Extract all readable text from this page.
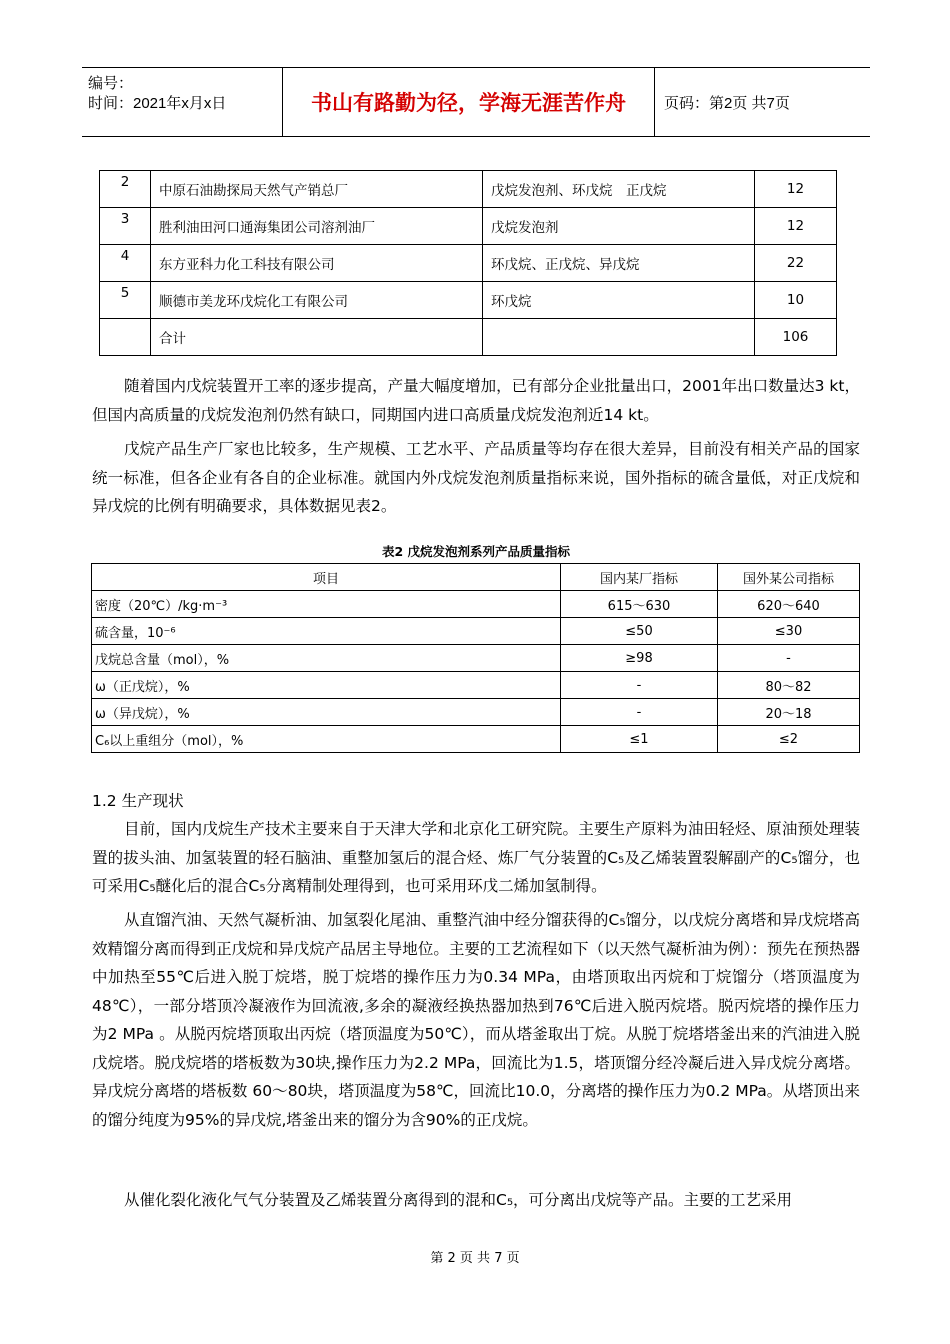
编号：
时间：2021年x月x日	书山有路勤为径，学海无涯苦作舟	页码：第2页 共7页
2	中原石油勘探局天然气产销总厂	戊烷发泡剂、环戊烷　正戊烷	12
3	胜利油田河口通海集团公司溶剂油厂	戊烷发泡剂	12
4	东方亚科力化工科技有限公司	环戊烷、正戊烷、异戊烷	22
5	顺德市美龙环戊烷化工有限公司	环戊烷	10
	合计		106
随着国内戊烷装置开工率的逐步提高，产量大幅度增加，已有部分企业批量出口，2001年出口数量达3 kt，但国内高质量的戊烷发泡剂仍然有缺口，同期国内进口高质量戊烷发泡剂近14 kt。
戊烷产品生产厂家也比较多，生产规模、工艺水平、产品质量等均存在很大差异，目前没有相关产品的国家统一标准，但各企业有各自的企业标准。就国内外戊烷发泡剂质量指标来说，国外指标的硫含量低，对正戊烷和异戊烷的比例有明确要求，具体数据见表2。
表2 戊烷发泡剂系列产品质量指标
项目	国内某厂指标	国外某公司指标
密度（20℃）/kg·m⁻³	615～630	620～640
硫含量，10⁻⁶	≤50	≤30
戊烷总含量（mol），%	≥98	-
ω（正戊烷），%	-	80～82
ω（异戊烷），%	-	20～18
C₆以上重组分（mol），%	≤1	≤2
1.2 生产现状
目前，国内戊烷生产技术主要来自于天津大学和北京化工研究院。主要生产原料为油田轻烃、原油预处理装置的拔头油、加氢装置的轻石脑油、重整加氢后的混合烃、炼厂气分装置的C₅及乙烯装置裂解副产的C₅馏分，也可采用C₅醚化后的混合C₅分离精制处理得到，也可采用环戊二烯加氢制得。
从直馏汽油、天然气凝析油、加氢裂化尾油、重整汽油中经分馏获得的C₅馏分，以戊烷分离塔和异戊烷塔高效精馏分离而得到正戊烷和异戊烷产品居主导地位。主要的工艺流程如下（以天然气凝析油为例）：预先在预热器中加热至55℃后进入脱丁烷塔，脱丁烷塔的操作压力为0.34 MPa，由塔顶取出丙烷和丁烷馏分（塔顶温度为48℃），一部分塔顶冷凝液作为回流液,多余的凝液经换热器加热到76℃后进入脱丙烷塔。脱丙烷塔的操作压力为2 MPa 。从脱丙烷塔顶取出丙烷（塔顶温度为50℃），而从塔釜取出丁烷。从脱丁烷塔塔釜出来的汽油进入脱戊烷塔。脱戊烷塔的塔板数为30块,操作压力为2.2 MPa，回流比为1.5，塔顶馏分经冷凝后进入异戊烷分离塔。异戊烷分离塔的塔板数 60～80块，塔顶温度为58℃，回流比10.0，分离塔的操作压力为0.2 MPa。从塔顶出来的馏分纯度为95%的异戊烷,塔釜出来的馏分为含90%的正戊烷。
从催化裂化液化气气分装置及乙烯装置分离得到的混和C₅，可分离出戊烷等产品。主要的工艺采用
第 2 页 共 7 页
